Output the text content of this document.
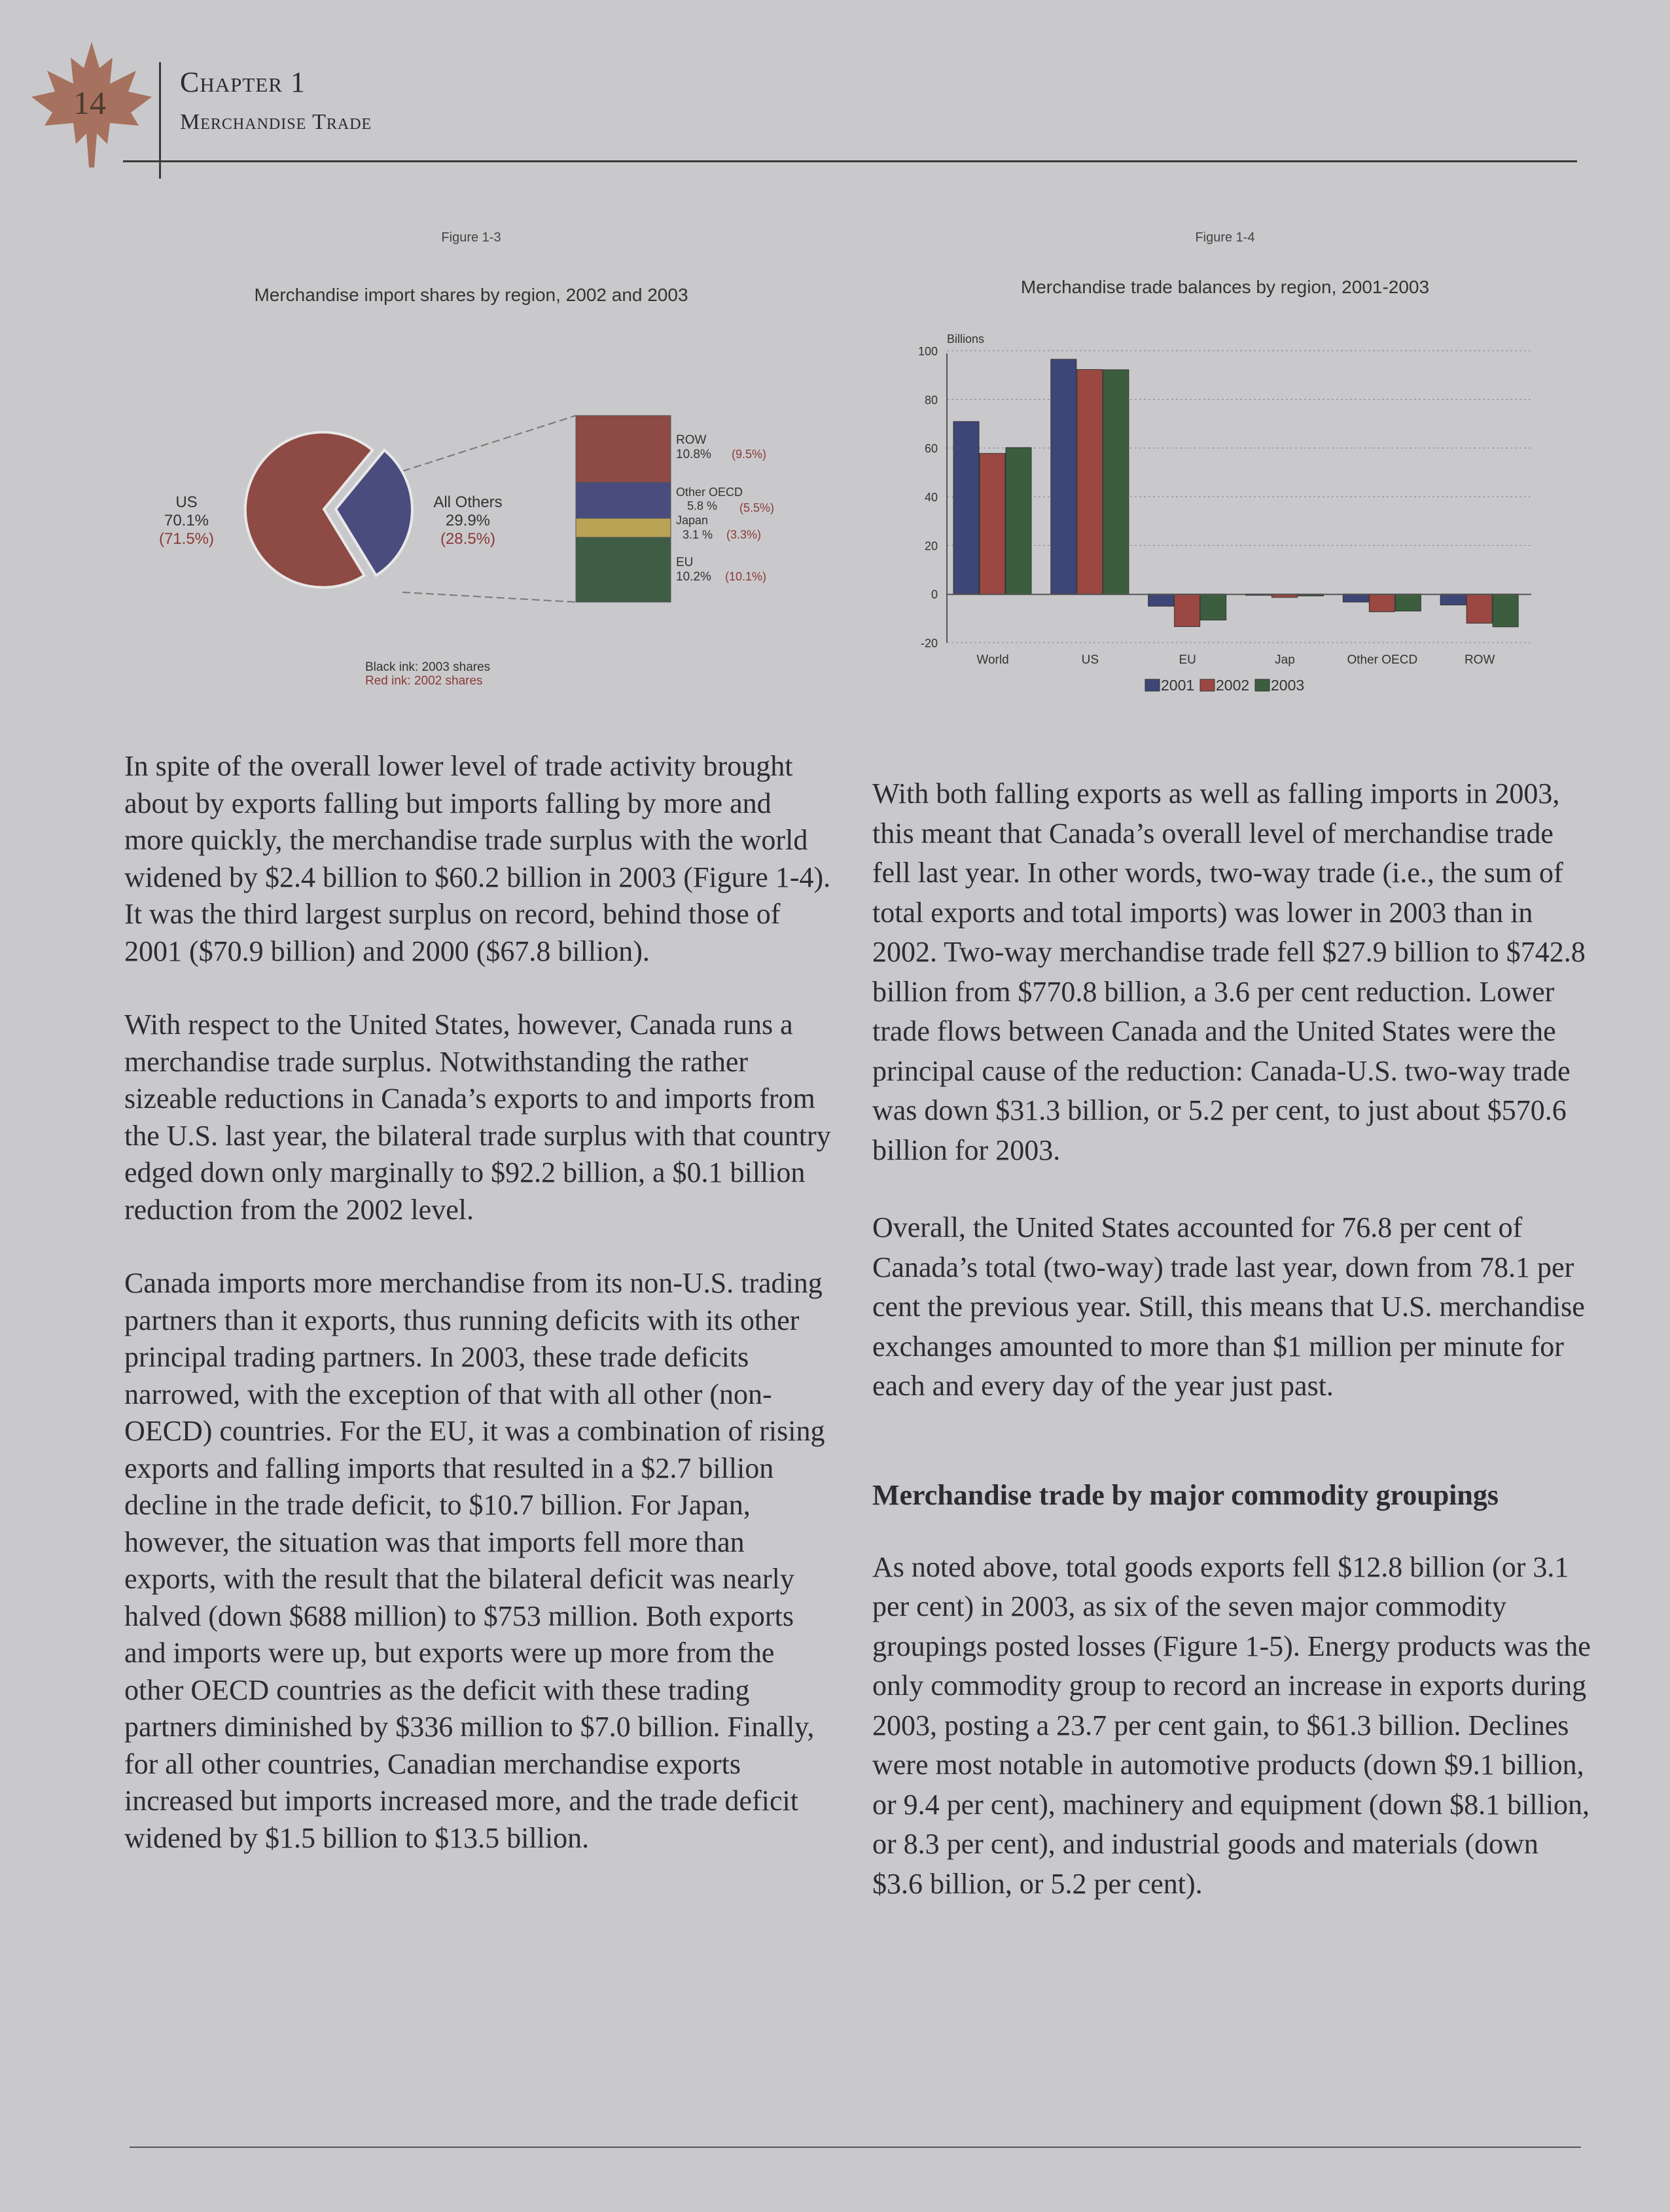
14
Chapter 1
Merchandise Trade
Figure 1-3
Merchandise import shares by region, 2002 and 2003
US
70.1%
(71.5%)
All Others
29.9%
(28.5%)
ROW
10.8% (9.5%)
Other OECD
5.8 % (5.5%)
Japan
3.1 % (3.3%)
EU
10.2% (10.1%)
Black ink: 2003 shares
Red ink: 2002 shares
Figure 1-4
Merchandise trade balances by region, 2001-2003
Billions
100
80
60
40
20
0
-20
World	US	EU	Jap	Other OECD	ROW
2001 2002 2003

In spite of the overall lower level of trade activity brought about by exports falling but imports falling by more and more quickly, the merchandise trade surplus with the world widened by $2.4 billion to $60.2 billion in 2003 (Figure 1-4). It was the third largest surplus on record, behind those of 2001 ($70.9 billion) and 2000 ($67.8 billion).

With respect to the United States, however, Canada runs a merchandise trade surplus. Notwithstanding the rather sizeable reductions in Canada’s exports to and imports from the U.S. last year, the bilateral trade surplus with that country edged down only marginally to $92.2 billion, a $0.1 billion reduction from the 2002 level.

Canada imports more merchandise from its non-U.S. trading partners than it exports, thus running deficits with its other principal trading partners. In 2003, these trade deficits narrowed, with the exception of that with all other (non-OECD) countries. For the EU, it was a combination of rising exports and falling imports that resulted in a $2.7 billion decline in the trade deficit, to $10.7 billion. For Japan, however, the situation was that imports fell more than exports, with the result that the bilateral deficit was nearly halved (down $688 million) to $753 million. Both exports and imports were up, but exports were up more from the other OECD countries as the deficit with these trading partners diminished by $336 million to $7.0 billion. Finally, for all other countries, Canadian merchandise exports increased but imports increased more, and the trade deficit widened by $1.5 billion to $13.5 billion.

With both falling exports as well as falling imports in 2003, this meant that Canada’s overall level of merchandise trade fell last year. In other words, two-way trade (i.e., the sum of total exports and total imports) was lower in 2003 than in 2002. Two-way merchandise trade fell $27.9 billion to $742.8 billion from $770.8 billion, a 3.6 per cent reduction. Lower trade flows between Canada and the United States were the principal cause of the reduction: Canada-U.S. two-way trade was down $31.3 billion, or 5.2 per cent, to just about $570.6 billion for 2003.

Overall, the United States accounted for 76.8 per cent of Canada’s total (two-way) trade last year, down from 78.1 per cent the previous year. Still, this means that U.S. merchandise exchanges amounted to more than $1 million per minute for each and every day of the year just past.

Merchandise trade by major commodity groupings

As noted above, total goods exports fell $12.8 billion (or 3.1 per cent) in 2003, as six of the seven major commodity groupings posted losses (Figure 1-5). Energy products was the only commodity group to record an increase in exports during 2003, posting a 23.7 per cent gain, to $61.3 billion. Declines were most notable in automotive products (down $9.1 billion, or 9.4 per cent), machinery and equipment (down $8.1 billion, or 8.3 per cent), and industrial goods and materials (down $3.6 billion, or 5.2 per cent).
